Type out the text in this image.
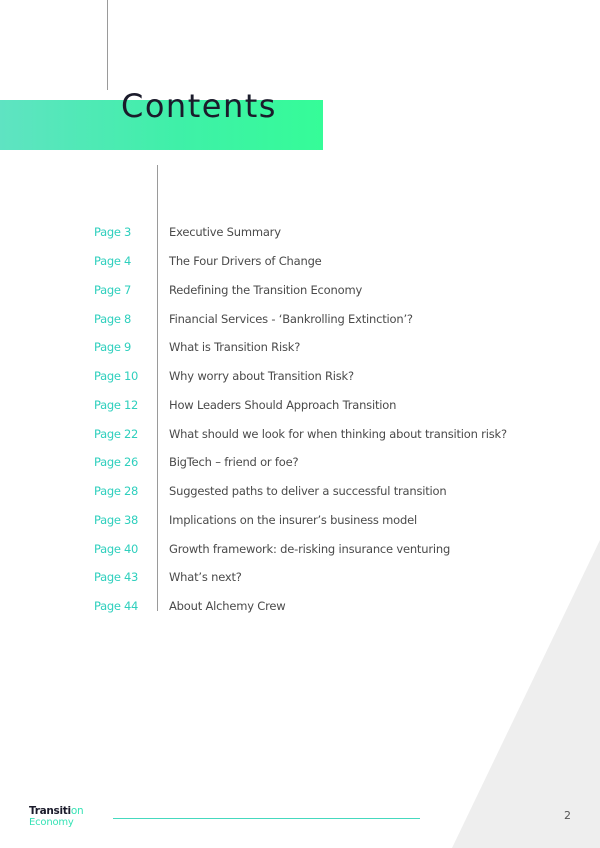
Contents
Page 3	Executive Summary
Page 4	The Four Drivers of Change
Page 7	Redefining the Transition Economy
Page 8	Financial Services - ‘Bankrolling Extinction’?
Page 9	What is Transition Risk?
Page 10	Why worry about Transition Risk?
Page 12	How Leaders Should Approach Transition
Page 22	What should we look for when thinking about transition risk?
Page 26	BigTech – friend or foe?
Page 28	Suggested paths to deliver a successful transition
Page 38	Implications on the insurer’s business model
Page 40	Growth framework: de-risking insurance venturing
Page 43	What’s next?
Page 44	About Alchemy Crew
Transition
Economy
2
